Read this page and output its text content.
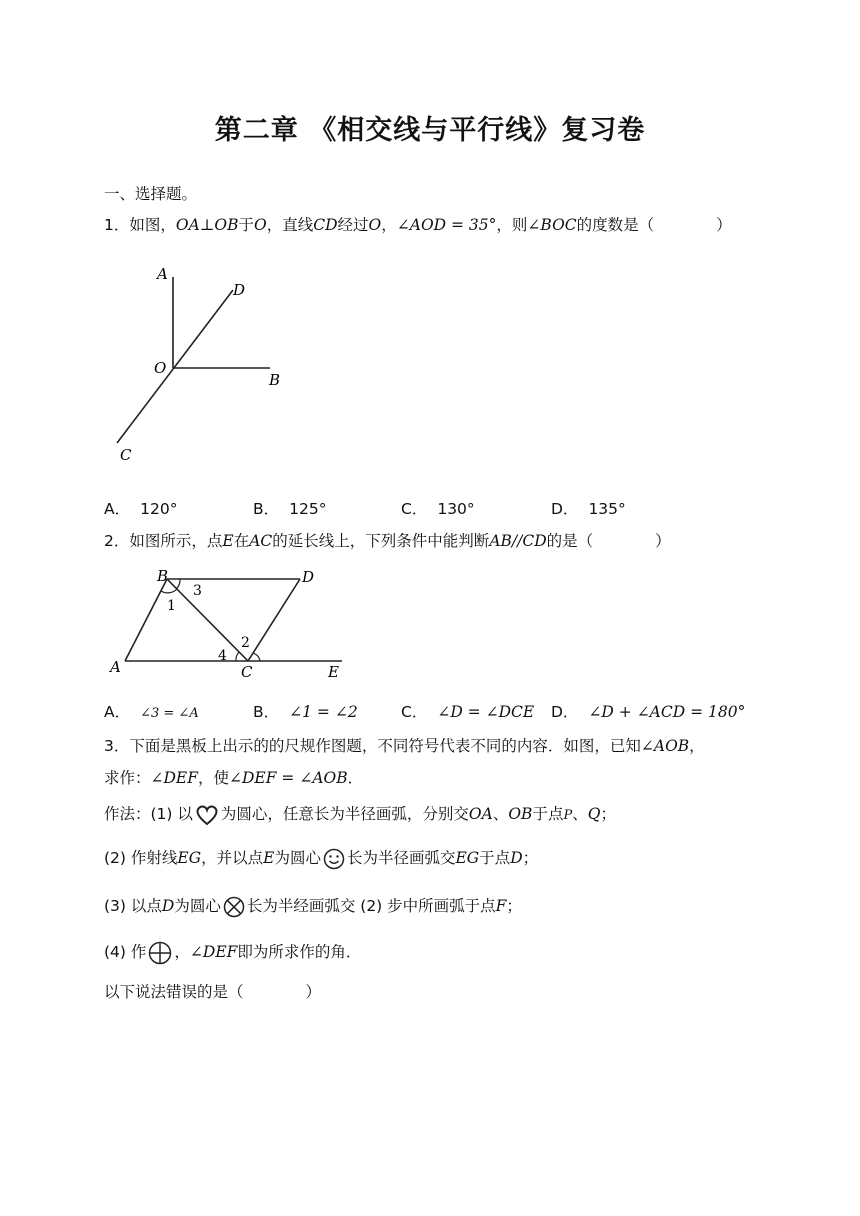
第二章 《相交线与平行线》复习卷
一、选择题。
1．如图，OA⊥OB于O，直线CD经过O，∠AOD = 35°，则∠BOC的度数是（　　　　）
A
D
O
B
C
A． 120°	B． 125°	C． 130°	D． 135°
2．如图所示，点E在AC的延长线上，下列条件中能判断AB//CD的是（　　　　）
B	D
A	C	E
1
3
2
4
A． ∠3 = ∠A	B． ∠1 = ∠2	C． ∠D = ∠DCE D． ∠D + ∠ACD = 180°
3．下面是黑板上出示的的尺规作图题，不同符号代表不同的内容．如图，已知∠AOB，
求作：∠DEF，使∠DEF = ∠AOB．
作法：(1) 以 为圆心，任意长为半径画弧，分别交OA、OB于点P、Q；
(2) 作射线EG，并以点E为圆心 长为半径画弧交EG于点D；
(3) 以点D为圆心 长为半经画弧交 (2) 步中所画弧于点F；
(4) 作 ，∠DEF即为所求作的角．
以下说法错误的是（　　　　）
